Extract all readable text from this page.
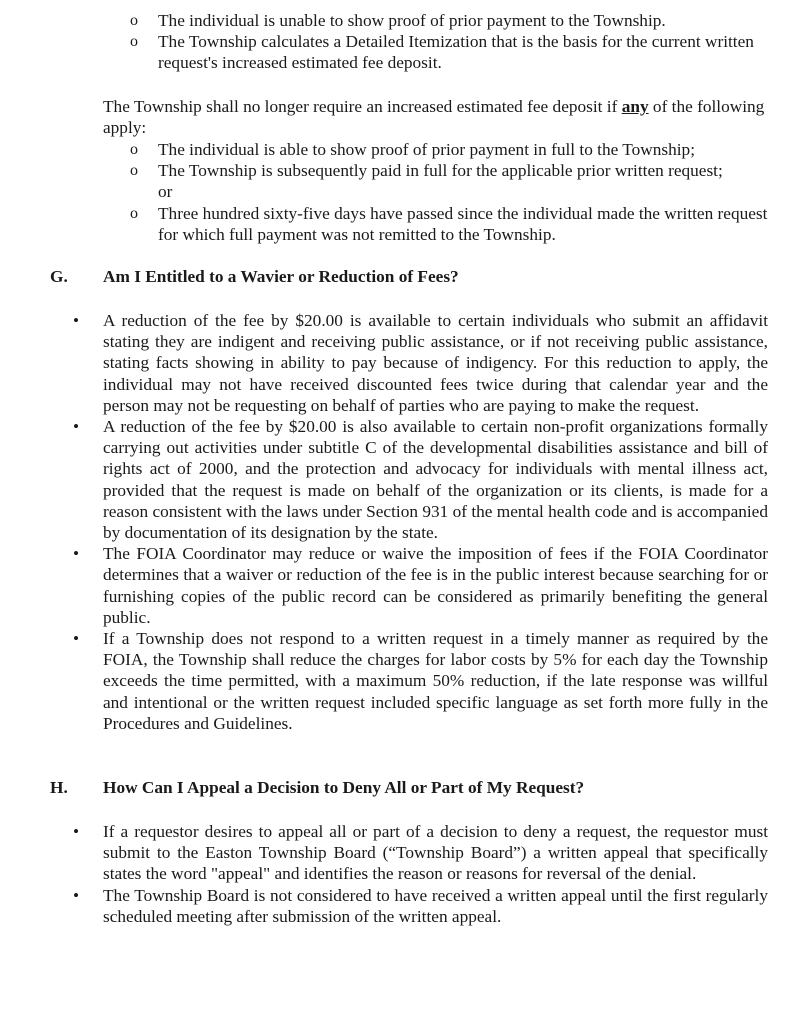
o The individual is unable to show proof of prior payment to the Township.
o The Township calculates a Detailed Itemization that is the basis for the current written request's increased estimated fee deposit.

The Township shall no longer require an increased estimated fee deposit if any of the following apply:

o The individual is able to show proof of prior payment in full to the Township;
o The Township is subsequently paid in full for the applicable prior written request;
or
o Three hundred sixty-five days have passed since the individual made the written request for which full payment was not remitted to the Township.
G. Am I Entitled to a Wavier or Reduction of Fees?
• A reduction of the fee by $20.00 is available to certain individuals who submit an affidavit stating they are indigent and receiving public assistance, or if not receiving public assistance, stating facts showing in ability to pay because of indigency. For this reduction to apply, the individual may not have received discounted fees twice during that calendar year and the person may not be requesting on behalf of parties who are paying to make the request.
• A reduction of the fee by $20.00 is also available to certain non-profit organizations formally carrying out activities under subtitle C of the developmental disabilities assistance and bill of rights act of 2000, and the protection and advocacy for individuals with mental illness act, provided that the request is made on behalf of the organization or its clients, is made for a reason consistent with the laws under Section 931 of the mental health code and is accompanied by documentation of its designation by the state.
• The FOIA Coordinator may reduce or waive the imposition of fees if the FOIA Coordinator determines that a waiver or reduction of the fee is in the public interest because searching for or furnishing copies of the public record can be considered as primarily benefiting the general public.
• If a Township does not respond to a written request in a timely manner as required by the FOIA, the Township shall reduce the charges for labor costs by 5% for each day the Township exceeds the time permitted, with a maximum 50% reduction, if the late response was willful and intentional or the written request included specific language as set forth more fully in the Procedures and Guidelines.
H. How Can I Appeal a Decision to Deny All or Part of My Request?
• If a requestor desires to appeal all or part of a decision to deny a request, the requestor must submit to the Easton Township Board (“Township Board”) a written appeal that specifically states the word "appeal" and identifies the reason or reasons for reversal of the denial.
• The Township Board is not considered to have received a written appeal until the first regularly scheduled meeting after submission of the written appeal.
